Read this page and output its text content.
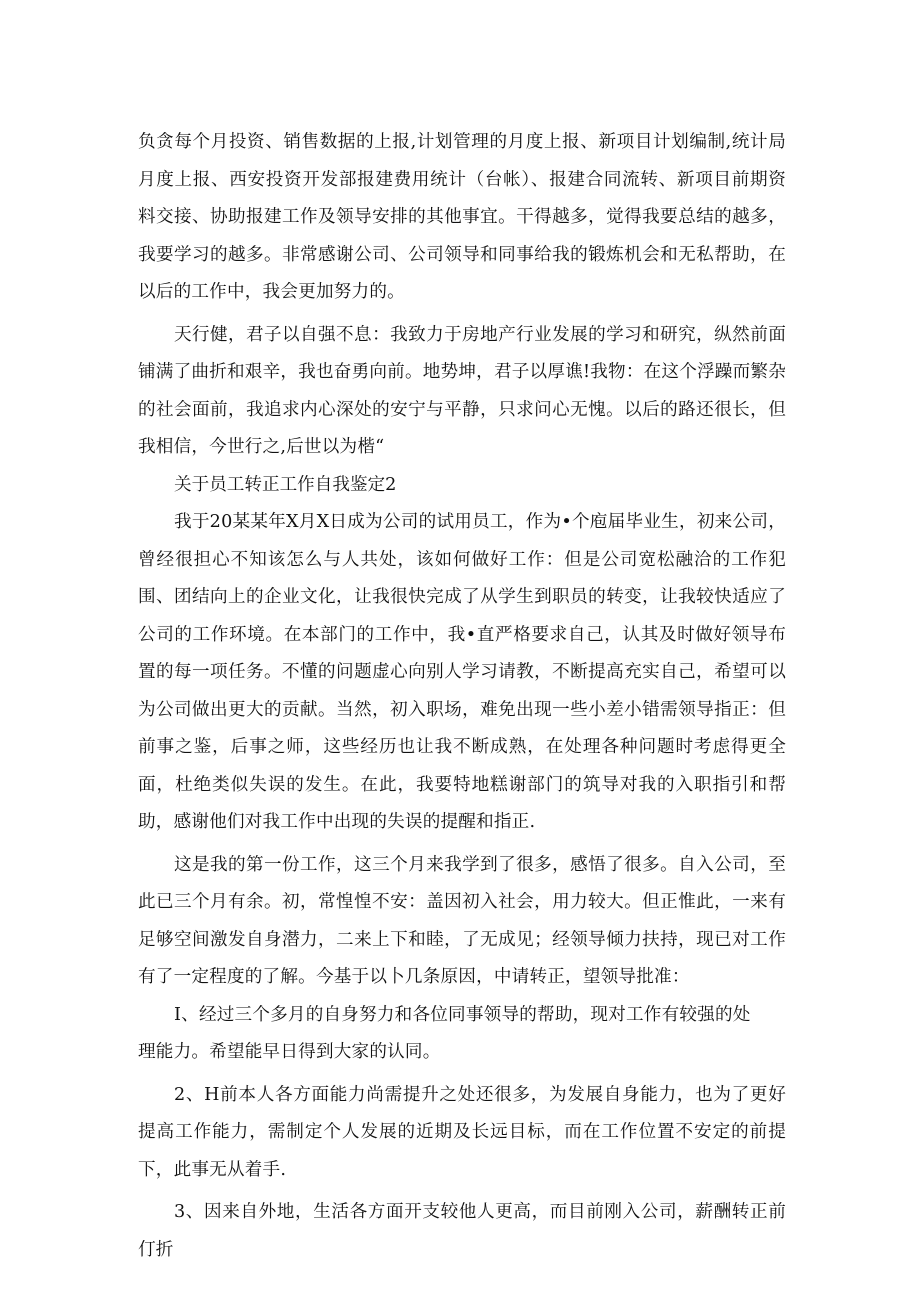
负贪每个月投资、销售数据的上报,计划管理的月度上报、新项目计划编制,统计局月度上报、西安投资开发部报建费用统计（台帐）、报建合同流转、新项目前期资料交接、协助报建工作及领导安排的其他事宜。干得越多，觉得我要总结的越多，我要学习的越多。非常感谢公司、公司领导和同事给我的锻炼机会和无私帮助，在以后的工作中，我会更加努力的。

天行健，君子以自强不息：我致力于房地产行业发展的学习和研究，纵然前面铺满了曲折和艰辛，我也奋勇向前。地势坤，君子以厚谯!我物：在这个浮躁而繁杂的社会面前，我追求内心深处的安宁与平静，只求问心无愧。以后的路还很长，但我相信，今世行之,后世以为楷“

关于员工转正工作自我鉴定2

我于20某某年X月X日成为公司的试用员工，作为•个庖届毕业生，初来公司，曾经很担心不知该怎么与人共处，该如何做好工作：但是公司宽松融洽的工作犯围、团结向上的企业文化，让我很快完成了从学生到职员的转变，让我较快适应了公司的工作环境。在本部门的工作中，我•直严格要求自己，认其及时做好领导布置的每一项任务。不懂的问题虚心向别人学习请教，不断提高充实自己，希望可以为公司做出更大的贡献。当然，初入职场，难免出现一些小差小错需领导指正：但前事之鉴，后事之师，这些经历也让我不断成熟，在处理各种问题时考虑得更全面，杜绝类似失误的发生。在此，我要特地糕谢部门的筑导对我的入职指引和帮助，感谢他们对我工作中出现的失误的提醒和指正.

这是我的第一份工作，这三个月来我学到了很多，感悟了很多。自入公司，至此已三个月有余。初，常惶惶不安：盖因初入社会，用力较大。但正惟此，一来有足够空间激发自身潜力，二来上下和睦，了无成见；经领导倾力扶持，现已对工作有了一定程度的了解。今基于以卜几条原因，中请转正，望领导批准：

I、经过三个多月的自身努力和各位同事领导的帮助，现对工作有较强的处
理能力。希望能早日得到大家的认同。

2、H前本人各方面能力尚需提升之处还很多，为发展自身能力，也为了更好提高工作能力，需制定个人发展的近期及长远目标，而在工作位置不安定的前提下，此事无从着手.

3、因来自外地，生活各方面开支较他人更高，而目前刚入公司，薪酬转正前仃折
